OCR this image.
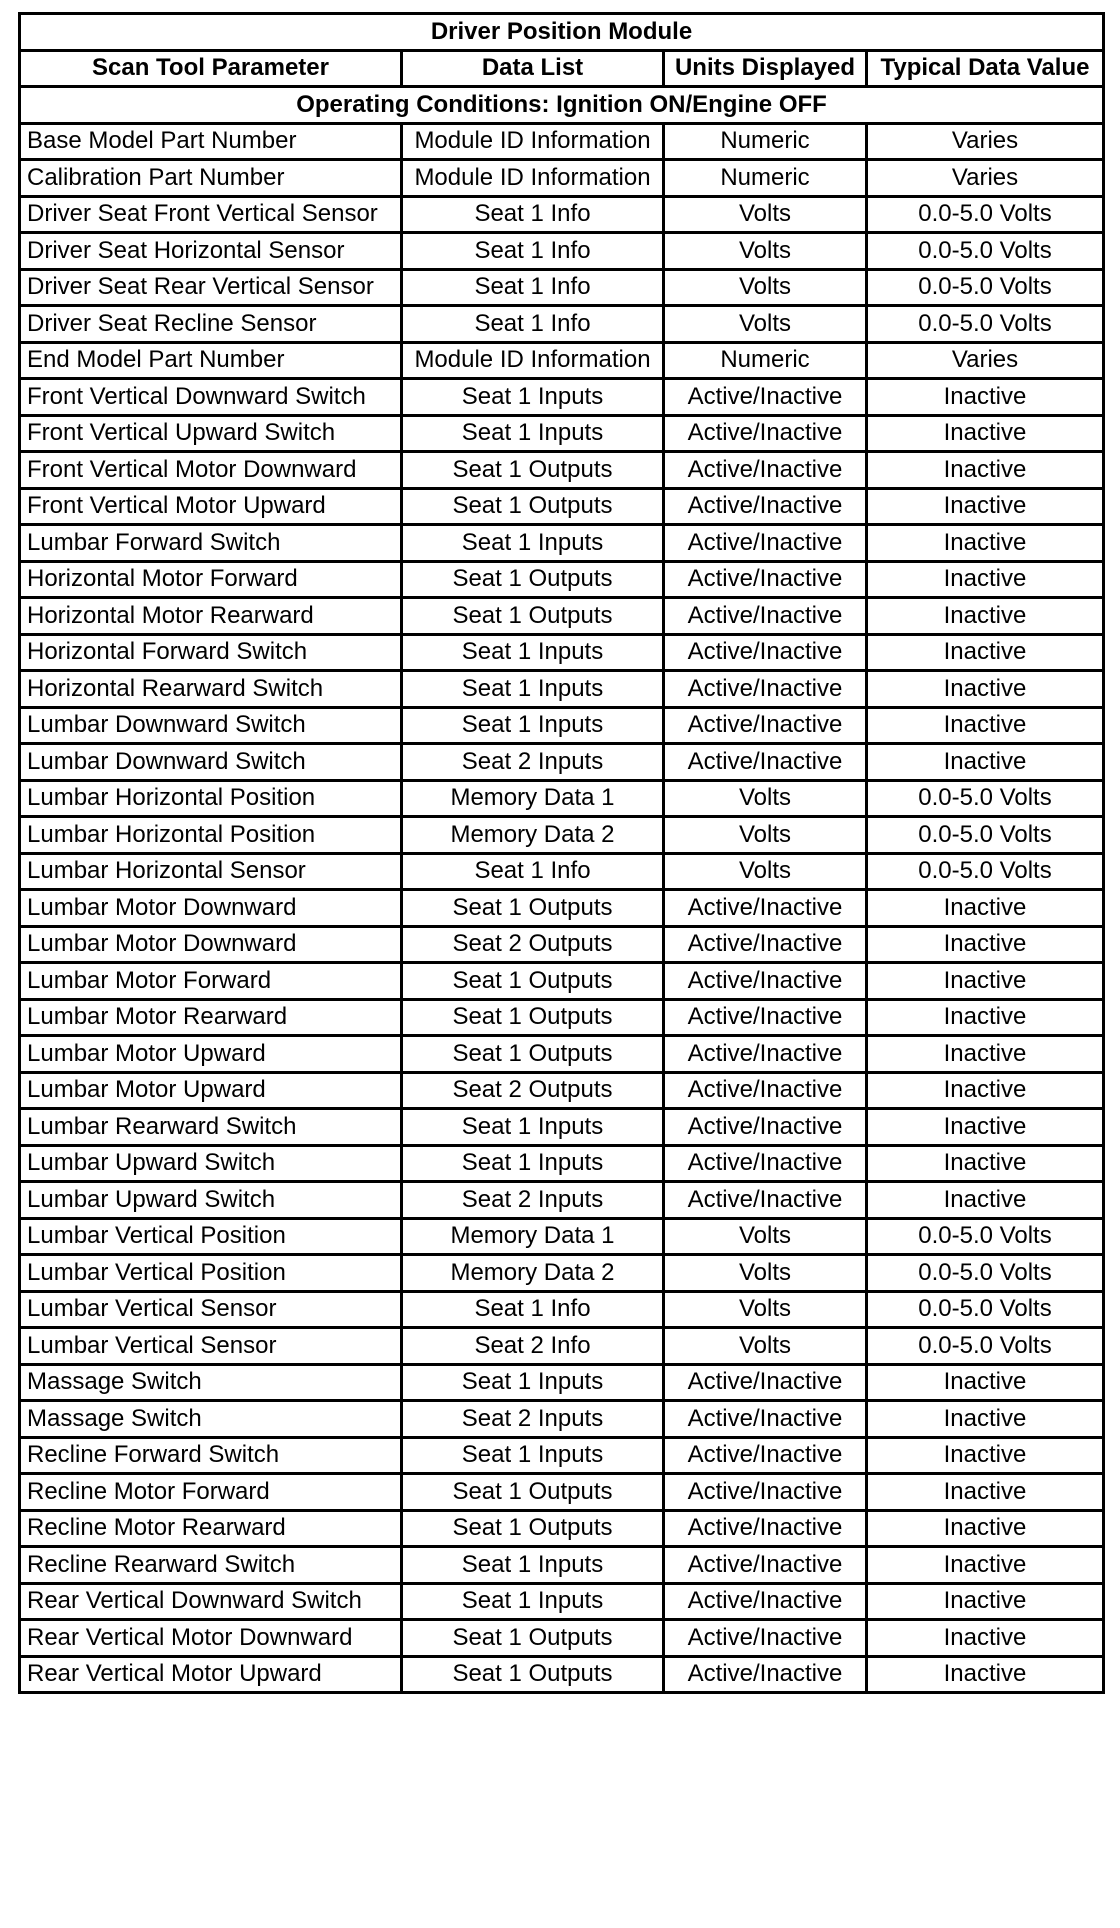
Driver Position Module			
Scan Tool Parameter	Data List	Units Displayed	Typical Data Value
Operating Conditions: Ignition ON/Engine OFF			
Base Model Part Number	Module ID Information	Numeric	Varies
Calibration Part Number	Module ID Information	Numeric	Varies
Driver Seat Front Vertical Sensor	Seat 1 Info	Volts	0.0-5.0 Volts
Driver Seat Horizontal Sensor	Seat 1 Info	Volts	0.0-5.0 Volts
Driver Seat Rear Vertical Sensor	Seat 1 Info	Volts	0.0-5.0 Volts
Driver Seat Recline Sensor	Seat 1 Info	Volts	0.0-5.0 Volts
End Model Part Number	Module ID Information	Numeric	Varies
Front Vertical Downward Switch	Seat 1 Inputs	Active/Inactive	Inactive
Front Vertical Upward Switch	Seat 1 Inputs	Active/Inactive	Inactive
Front Vertical Motor Downward	Seat 1 Outputs	Active/Inactive	Inactive
Front Vertical Motor Upward	Seat 1 Outputs	Active/Inactive	Inactive
Lumbar Forward Switch	Seat 1 Inputs	Active/Inactive	Inactive
Horizontal Motor Forward	Seat 1 Outputs	Active/Inactive	Inactive
Horizontal Motor Rearward	Seat 1 Outputs	Active/Inactive	Inactive
Horizontal Forward Switch	Seat 1 Inputs	Active/Inactive	Inactive
Horizontal Rearward Switch	Seat 1 Inputs	Active/Inactive	Inactive
Lumbar Downward Switch	Seat 1 Inputs	Active/Inactive	Inactive
Lumbar Downward Switch	Seat 2 Inputs	Active/Inactive	Inactive
Lumbar Horizontal Position	Memory Data 1	Volts	0.0-5.0 Volts
Lumbar Horizontal Position	Memory Data 2	Volts	0.0-5.0 Volts
Lumbar Horizontal Sensor	Seat 1 Info	Volts	0.0-5.0 Volts
Lumbar Motor Downward	Seat 1 Outputs	Active/Inactive	Inactive
Lumbar Motor Downward	Seat 2 Outputs	Active/Inactive	Inactive
Lumbar Motor Forward	Seat 1 Outputs	Active/Inactive	Inactive
Lumbar Motor Rearward	Seat 1 Outputs	Active/Inactive	Inactive
Lumbar Motor Upward	Seat 1 Outputs	Active/Inactive	Inactive
Lumbar Motor Upward	Seat 2 Outputs	Active/Inactive	Inactive
Lumbar Rearward Switch	Seat 1 Inputs	Active/Inactive	Inactive
Lumbar Upward Switch	Seat 1 Inputs	Active/Inactive	Inactive
Lumbar Upward Switch	Seat 2 Inputs	Active/Inactive	Inactive
Lumbar Vertical Position	Memory Data 1	Volts	0.0-5.0 Volts
Lumbar Vertical Position	Memory Data 2	Volts	0.0-5.0 Volts
Lumbar Vertical Sensor	Seat 1 Info	Volts	0.0-5.0 Volts
Lumbar Vertical Sensor	Seat 2 Info	Volts	0.0-5.0 Volts
Massage Switch	Seat 1 Inputs	Active/Inactive	Inactive
Massage Switch	Seat 2 Inputs	Active/Inactive	Inactive
Recline Forward Switch	Seat 1 Inputs	Active/Inactive	Inactive
Recline Motor Forward	Seat 1 Outputs	Active/Inactive	Inactive
Recline Motor Rearward	Seat 1 Outputs	Active/Inactive	Inactive
Recline Rearward Switch	Seat 1 Inputs	Active/Inactive	Inactive
Rear Vertical Downward Switch	Seat 1 Inputs	Active/Inactive	Inactive
Rear Vertical Motor Downward	Seat 1 Outputs	Active/Inactive	Inactive
Rear Vertical Motor Upward	Seat 1 Outputs	Active/Inactive	Inactive
